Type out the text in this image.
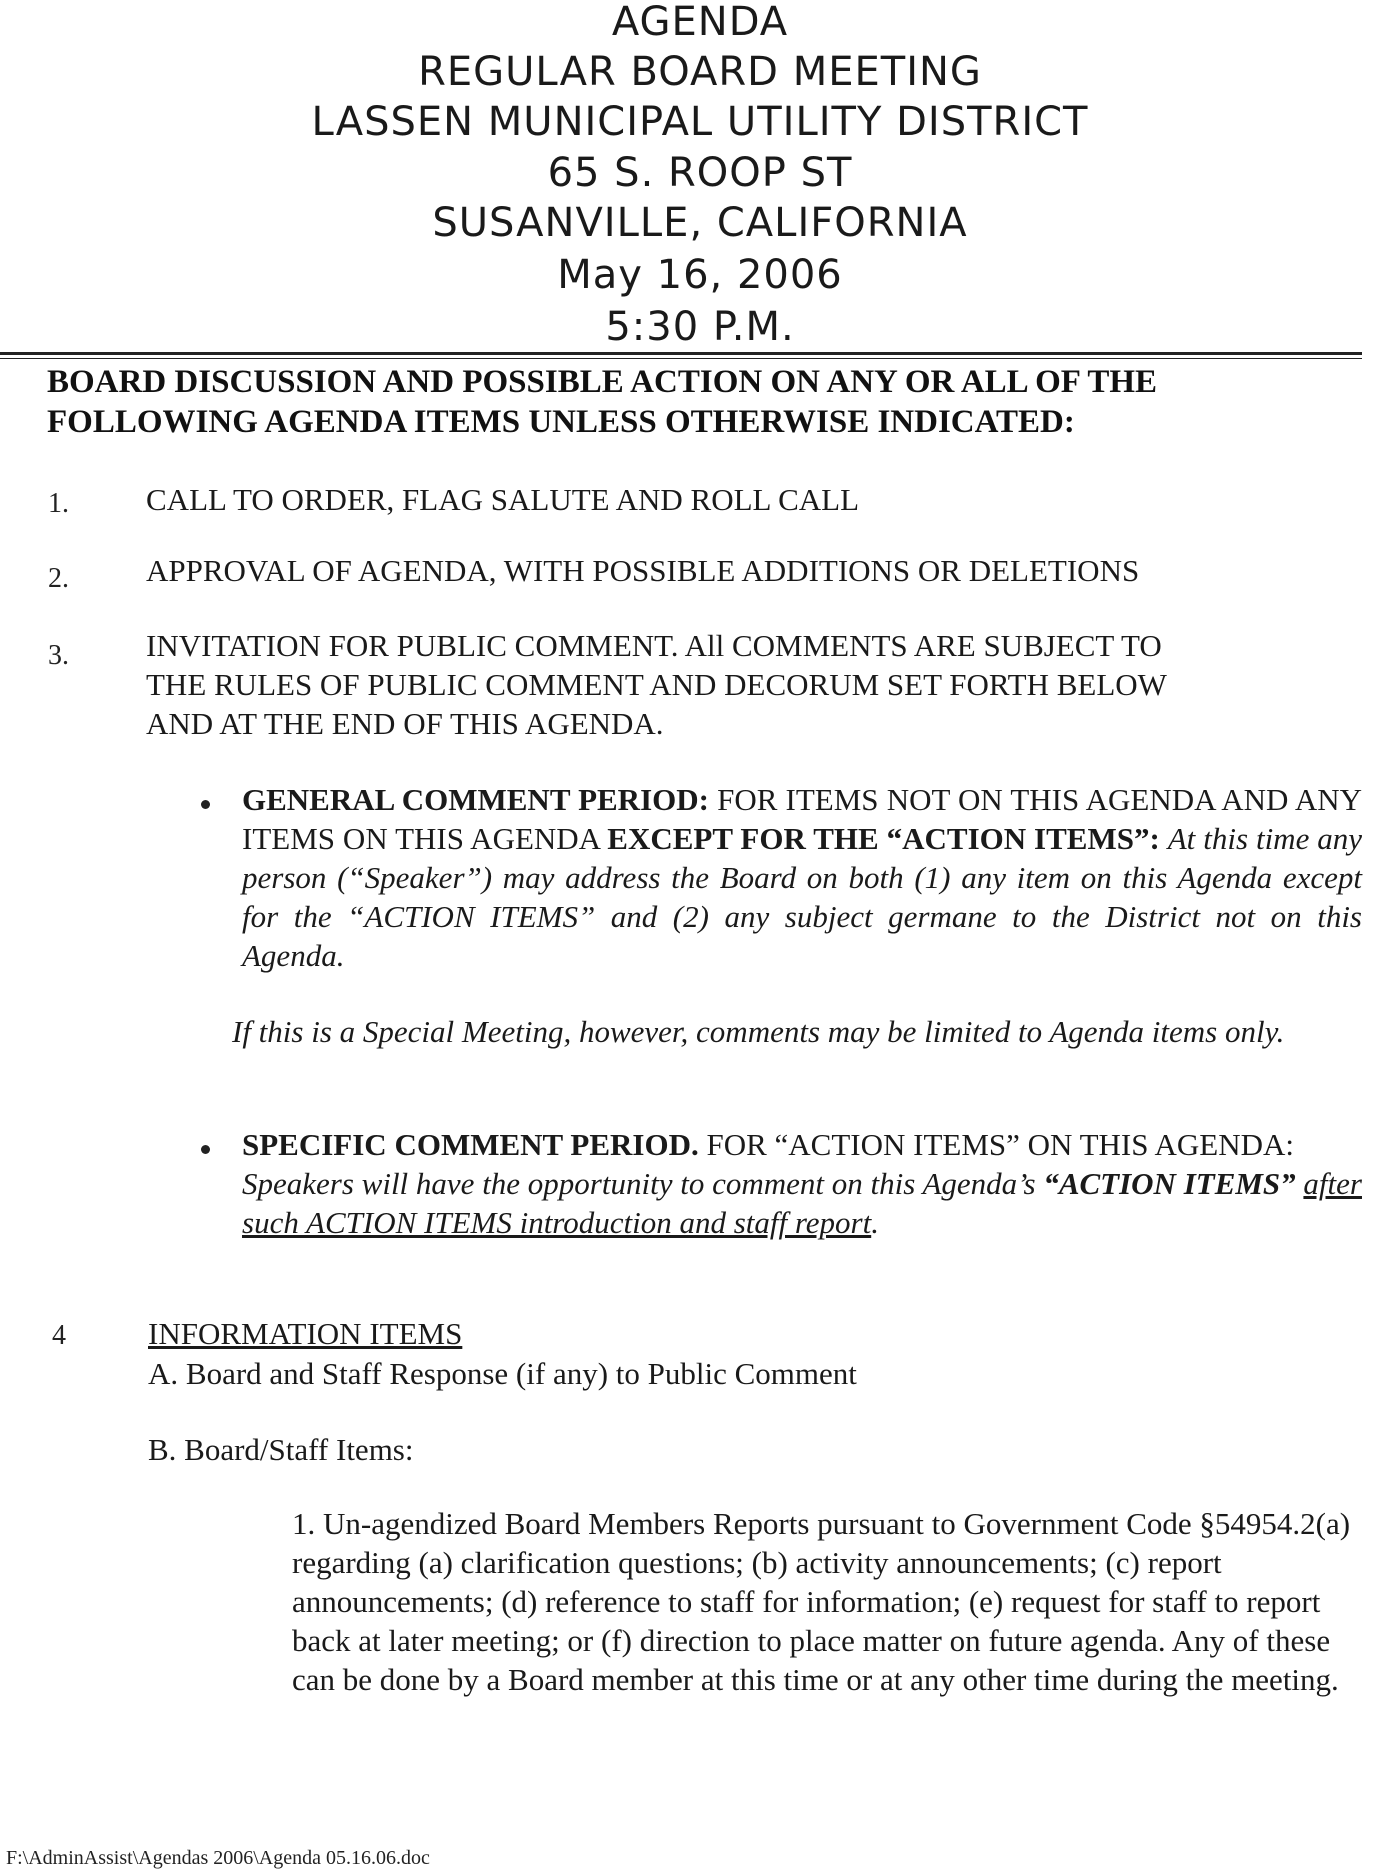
AGENDA
REGULAR BOARD MEETING
LASSEN MUNICIPAL UTILITY DISTRICT
65 S. ROOP ST
SUSANVILLE, CALIFORNIA
May 16, 2006
5:30 P.M.
BOARD DISCUSSION AND POSSIBLE ACTION ON ANY OR ALL OF THE
FOLLOWING AGENDA ITEMS UNLESS OTHERWISE INDICATED:
1. CALL TO ORDER, FLAG SALUTE AND ROLL CALL
2. APPROVAL OF AGENDA, WITH POSSIBLE ADDITIONS OR DELETIONS
3. INVITATION FOR PUBLIC COMMENT. All COMMENTS ARE SUBJECT TO
THE RULES OF PUBLIC COMMENT AND DECORUM SET FORTH BELOW
AND AT THE END OF THIS AGENDA.
GENERAL COMMENT PERIOD: FOR ITEMS NOT ON THIS AGENDA AND ANY ITEMS ON THIS AGENDA EXCEPT FOR THE “ACTION ITEMS”: At this time any person (“Speaker”) may address the Board on both (1) any item on this Agenda except for the “ACTION ITEMS” and (2) any subject germane to the District not on this Agenda.
If this is a Special Meeting, however, comments may be limited to Agenda items only.
SPECIFIC COMMENT PERIOD. FOR “ACTION ITEMS” ON THIS AGENDA: Speakers will have the opportunity to comment on this Agenda’s “ACTION ITEMS” after such ACTION ITEMS introduction and staff report.
4	INFORMATION ITEMS
A. Board and Staff Response (if any) to Public Comment
B. Board/Staff Items:
1. Un-agendized Board Members Reports pursuant to Government Code §54954.2(a) regarding (a) clarification questions; (b) activity announcements; (c) report announcements; (d) reference to staff for information; (e) request for staff to report back at later meeting; or (f) direction to place matter on future agenda. Any of these can be done by a Board member at this time or at any other time during the meeting.
F:\AdminAssist\Agendas 2006\Agenda 05.16.06.doc
